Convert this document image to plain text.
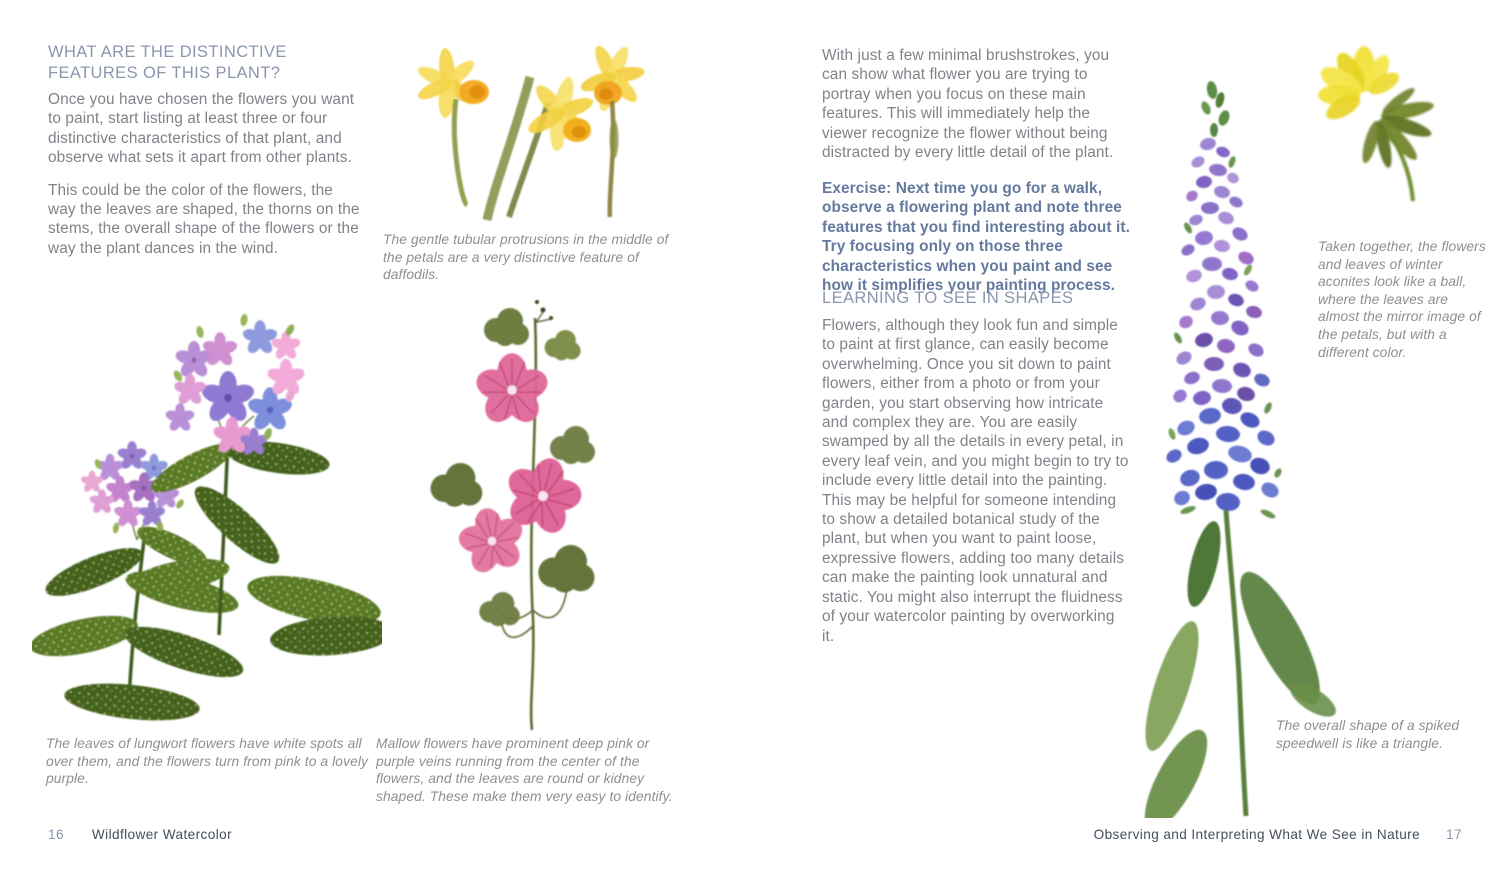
WHAT ARE THE DISTINCTIVE FEATURES OF THIS PLANT?

Once you have chosen the flowers you want to paint, start listing at least three or four distinctive characteristics of that plant, and observe what sets it apart from other plants.

This could be the color of the flowers, the way the leaves are shaped, the thorns on the stems, the overall shape of the flowers or the way the plant dances in the wind.

The gentle tubular protrusions in the middle of the petals are a very distinctive feature of daffodils.
The leaves of lungwort flowers have white spots all over them, and the flowers turn from pink to a lovely purple.
Mallow flowers have prominent deep pink or purple veins running from the center of the flowers, and the leaves are round or kidney shaped. These make them very easy to identify.
16 Wildflower Watercolor
With just a few minimal brushstrokes, you can show what flower you are trying to portray when you focus on these main features. This will immediately help the viewer recognize the flower without being distracted by every little detail of the plant.
Exercise: Next time you go for a walk, observe a flowering plant and note three features that you find interesting about it. Try focusing only on those three characteristics when you paint and see how it simplifies your painting process.
LEARNING TO SEE IN SHAPES
Flowers, although they look fun and simple to paint at first glance, can easily become overwhelming. Once you sit down to paint flowers, either from a photo or from your garden, you start observing how intricate and complex they are. You are easily swamped by all the details in every petal, in every leaf vein, and you might begin to try to include every little detail into the painting. This may be helpful for someone intending to show a detailed botanical study of the plant, but when you want to paint loose, expressive flowers, adding too many details can make the painting look unnatural and static. You might also interrupt the fluidness of your watercolor painting by overworking it.
Taken together, the flowers and leaves of winter aconites look like a ball, where the leaves are almost the mirror image of the petals, but with a different color.
The overall shape of a spiked speedwell is like a triangle.
Observing and Interpreting What We See in Nature 17
